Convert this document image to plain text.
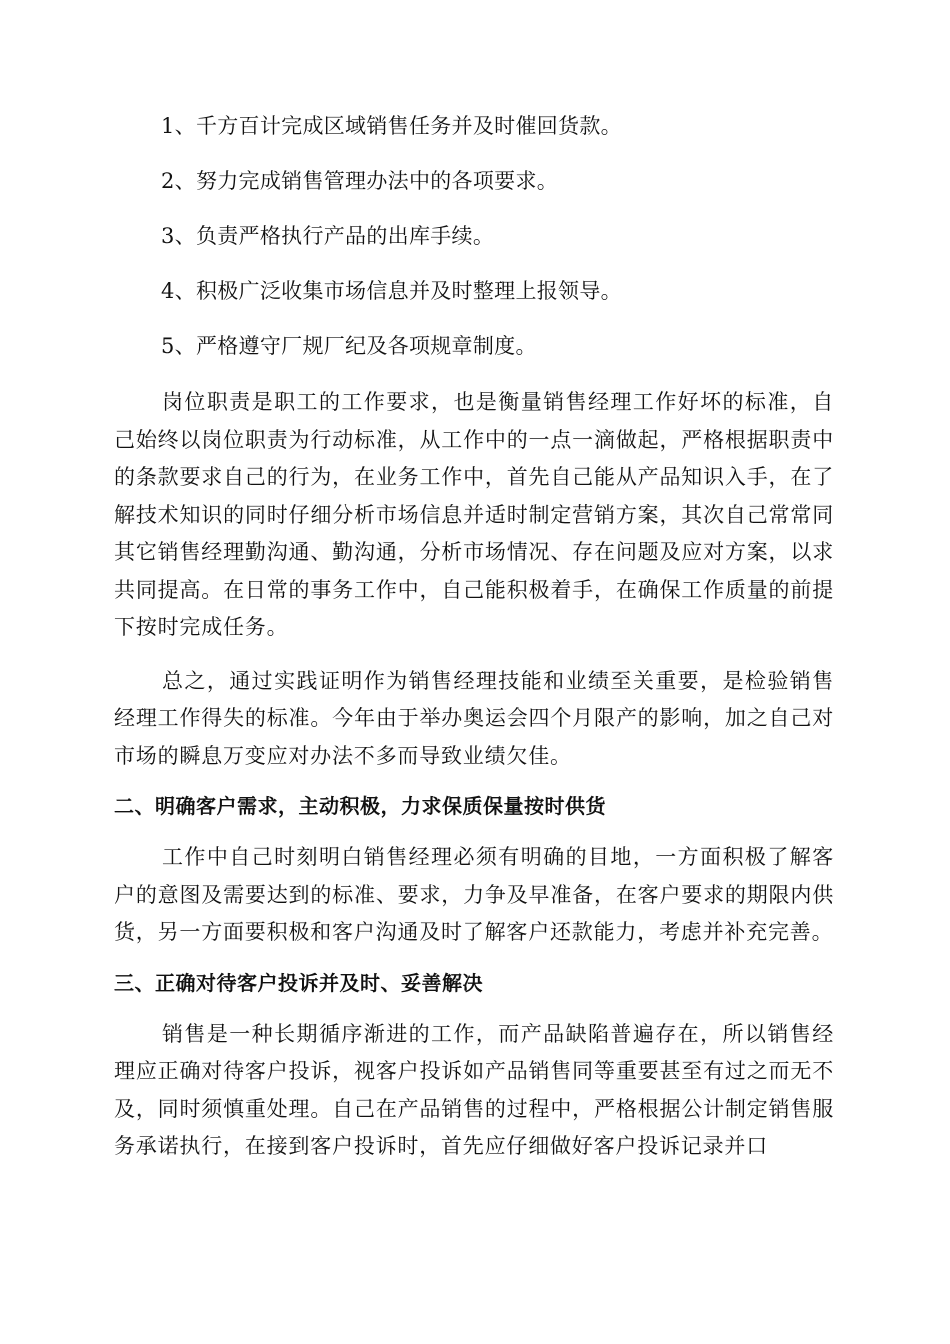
1、千方百计完成区域销售任务并及时催回货款。
2、努力完成销售管理办法中的各项要求。
3、负责严格执行产品的出库手续。
4、积极广泛收集市场信息并及时整理上报领导。
5、严格遵守厂规厂纪及各项规章制度。

岗位职责是职工的工作要求，也是衡量销售经理工作好坏的标准，自己始终以岗位职责为行动标准，从工作中的一点一滴做起，严格根据职责中的条款要求自己的行为，在业务工作中，首先自己能从产品知识入手，在了解技术知识的同时仔细分析市场信息并适时制定营销方案，其次自己常常同其它销售经理勤沟通、勤沟通，分析市场情况、存在问题及应对方案，以求共同提高。在日常的事务工作中，自己能积极着手，在确保工作质量的前提下按时完成任务。

总之，通过实践证明作为销售经理技能和业绩至关重要，是检验销售经理工作得失的标准。今年由于举办奥运会四个月限产的影响，加之自己对市场的瞬息万变应对办法不多而导致业绩欠佳。

二、明确客户需求，主动积极，力求保质保量按时供货

工作中自己时刻明白销售经理必须有明确的目地，一方面积极了解客户的意图及需要达到的标准、要求，力争及早准备，在客户要求的期限内供货，另一方面要积极和客户沟通及时了解客户还款能力，考虑并补充完善。

三、正确对待客户投诉并及时、妥善解决

销售是一种长期循序渐进的工作，而产品缺陷普遍存在，所以销售经理应正确对待客户投诉，视客户投诉如产品销售同等重要甚至有过之而无不及，同时须慎重处理。自己在产品销售的过程中，严格根据公计制定销售服务承诺执行，在接到客户投诉时，首先应仔细做好客户投诉记录并口
